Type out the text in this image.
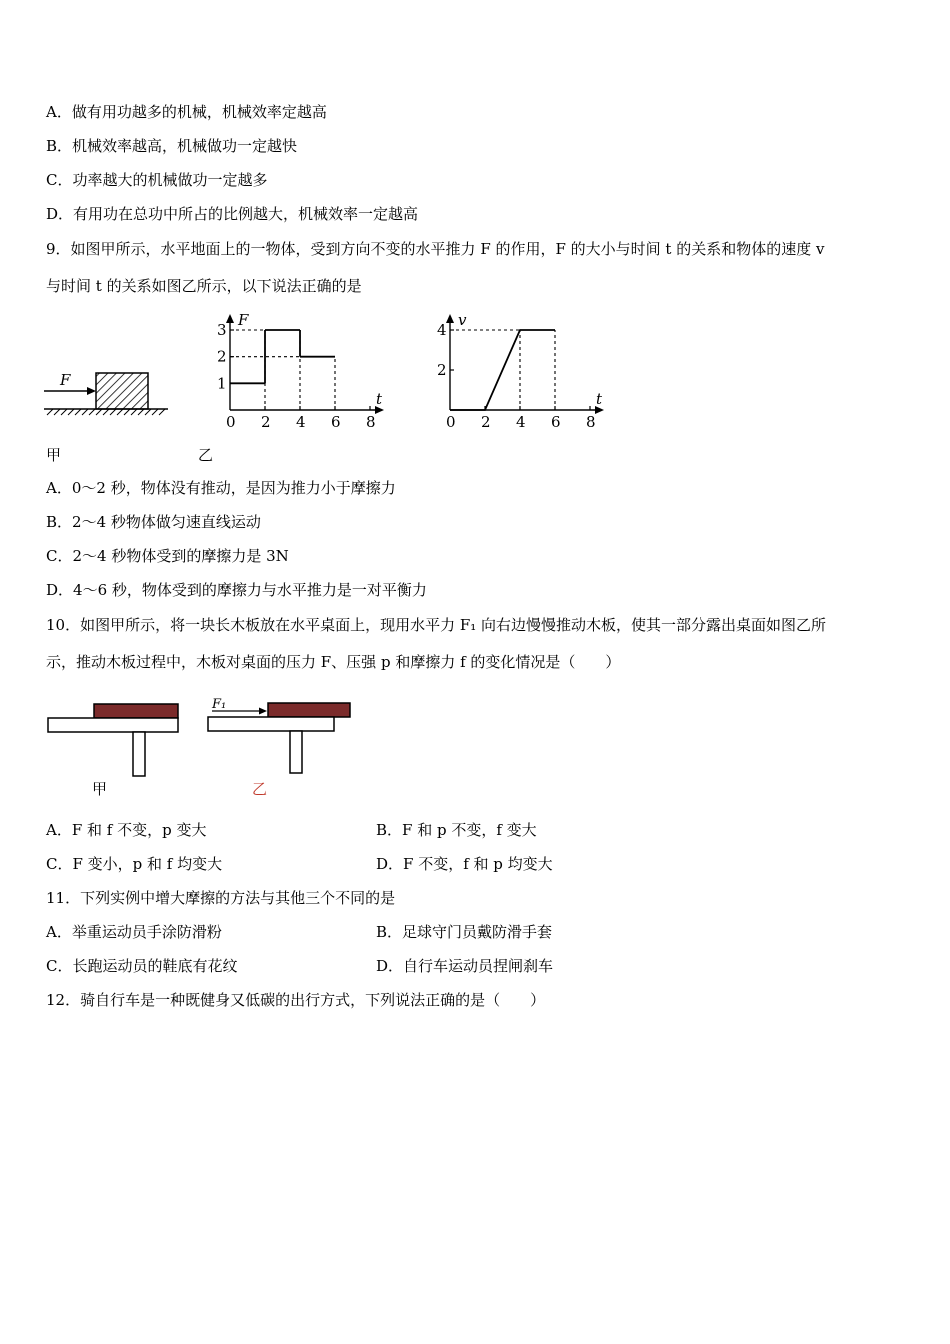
A．做有用功越多的机械，机械效率定越高
B．机械效率越高，机械做功一定越快
C．功率越大的机械做功一定越多
D．有用功在总功中所占的比例越大，机械效率一定越高
9．如图甲所示，水平地面上的一物体，受到方向不变的水平推力 F 的作用，F 的大小与时间 t 的关系和物体的速度 v
与时间 t 的关系如图乙所示，以下说法正确的是
F
F
t
0 2 4 6 8
1
2
3
v
t
0 2 4 6 8
2
4
甲	乙
A．0～2 秒，物体没有推动，是因为推力小于摩擦力
B．2～4 秒物体做匀速直线运动
C．2～4 秒物体受到的摩擦力是 3N
D．4～6 秒，物体受到的摩擦力与水平推力是一对平衡力
10．如图甲所示，将一块长木板放在水平桌面上，现用水平力 F₁ 向右边慢慢推动木板，使其一部分露出桌面如图乙所
示，推动木板过程中，木板对桌面的压力 F、压强 p 和摩擦力 f 的变化情况是（　　）
F₁
甲	乙
A．F 和 f 不变，p 变大	B．F 和 p 不变，f 变大
C．F 变小，p 和 f 均变大	D．F 不变，f 和 p 均变大
11．下列实例中增大摩擦的方法与其他三个不同的是
A．举重运动员手涂防滑粉	B．足球守门员戴防滑手套
C．长跑运动员的鞋底有花纹	D．自行车运动员捏闸刹车
12．骑自行车是一种既健身又低碳的出行方式，下列说法正确的是（　　）
